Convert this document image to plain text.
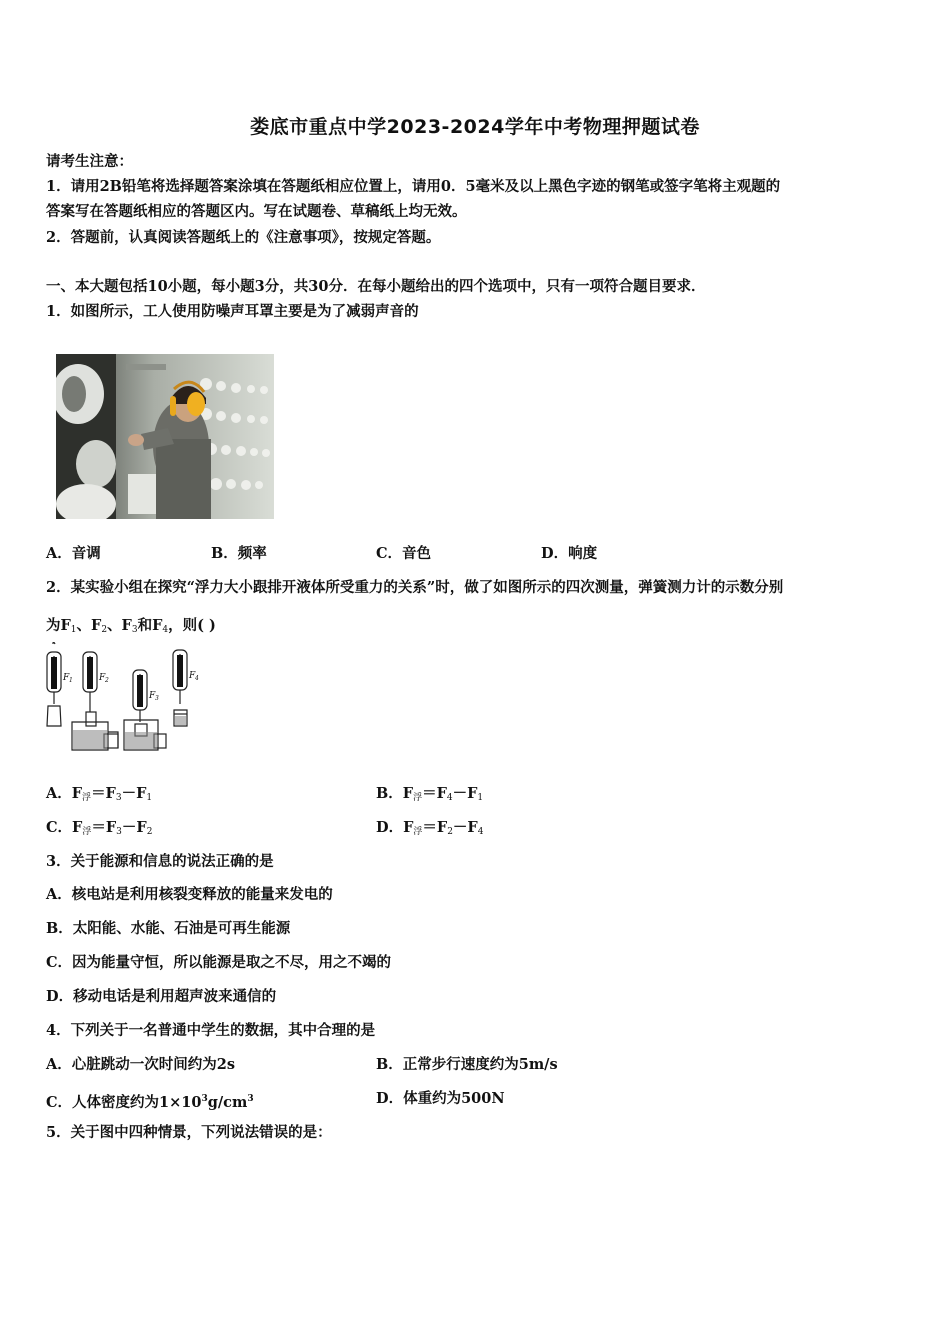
娄底市重点中学2023-2024学年中考物理押题试卷
请考生注意：
1．请用2B铅笔将选择题答案涂填在答题纸相应位置上，请用0．5毫米及以上黑色字迹的钢笔或签字笔将主观题的
答案写在答题纸相应的答题区内。写在试题卷、草稿纸上均无效。
2．答题前，认真阅读答题纸上的《注意事项》，按规定答题。
一、本大题包括10小题，每小题3分，共30分．在每小题给出的四个选项中，只有一项符合题目要求．
1．如图所示，工人使用防噪声耳罩主要是为了减弱声音的
A．音调	B．频率	C．音色	D．响度
2．某实验小组在探究“浮力大小跟排开液体所受重力的关系”时，做了如图所示的四次测量，弹簧测力计的示数分别
为$F_1$、$F_2$、$F_3$和$F_4$，则( )
F 1	F 2
F 3
F 4
A．$F_浮=F_3-F_1$	B．$F_浮=F_4-F_1$
C．$F_浮=F_3-F_2$	D．$F_浮=F_2-F_4$
3．关于能源和信息的说法正确的是
A．核电站是利用核裂变释放的能量来发电的
B．太阳能、水能、石油是可再生能源
C．因为能量守恒，所以能源是取之不尽，用之不竭的
D．移动电话是利用超声波来通信的
4．下列关于一名普通中学生的数据，其中合理的是
A．心脏跳动一次时间约为2s	B．正常步行速度约为5m/s
C．人体密度约为$1\times 10^3g/cm^3$	D．体重约为500N
5．关于图中四种情景，下列说法错误的是：
